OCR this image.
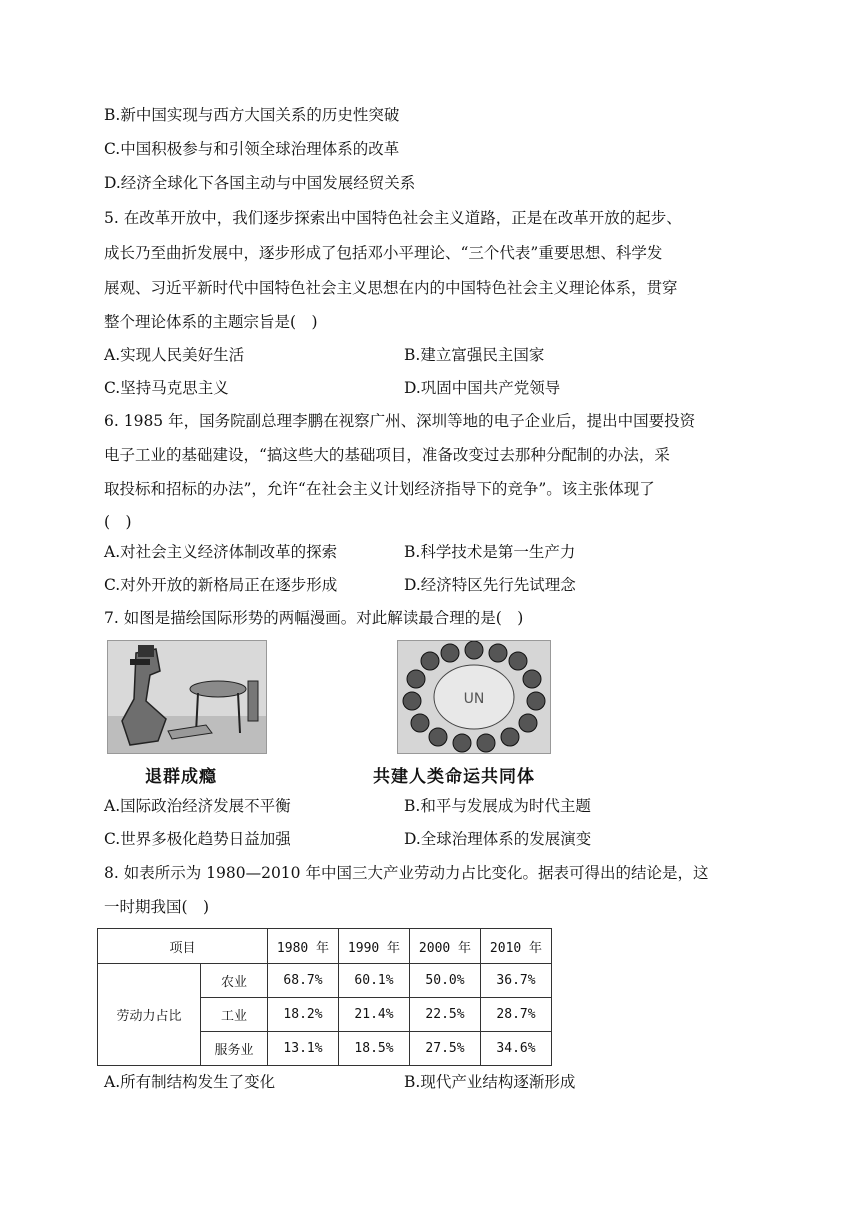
B.新中国实现与西方大国关系的历史性突破
C.中国积极参与和引领全球治理体系的改革
D.经济全球化下各国主动与中国发展经贸关系
5. 在改革开放中，我们逐步探索出中国特色社会主义道路，正是在改革开放的起步、
成长乃至曲折发展中，逐步形成了包括邓小平理论、“三个代表”重要思想、科学发
展观、习近平新时代中国特色社会主义思想在内的中国特色社会主义理论体系，贯穿
整个理论体系的主题宗旨是(　)
A.实现人民美好生活	B.建立富强民主国家
C.坚持马克思主义	D.巩固中国共产党领导
6. 1985 年，国务院副总理李鹏在视察广州、深圳等地的电子企业后，提出中国要投资
电子工业的基础建设，“搞这些大的基础项目，准备改变过去那种分配制的办法，采
取投标和招标的办法”，允许“在社会主义计划经济指导下的竞争”。该主张体现了
(　)
A.对社会主义经济体制改革的探索	B.科学技术是第一生产力
C.对外开放的新格局正在逐步形成	D.经济特区先行先试理念
7. 如图是描绘国际形势的两幅漫画。对此解读最合理的是(　)
退群成瘾
UN
共建人类命运共同体
A.国际政治经济发展不平衡	B.和平与发展成为时代主题
C.世界多极化趋势日益加强	D.全球治理体系的发展演变
8. 如表所示为 1980—2010 年中国三大产业劳动力占比变化。据表可得出的结论是，这
一时期我国(　)
项目		1980 年	1990 年	2000 年	2010 年
劳动力占比	农业	68.7%	60.1%	50.0%	36.7%
	工业	18.2%	21.4%	22.5%	28.7%
	服务业	13.1%	18.5%	27.5%	34.6%
A.所有制结构发生了变化	B.现代产业结构逐渐形成
